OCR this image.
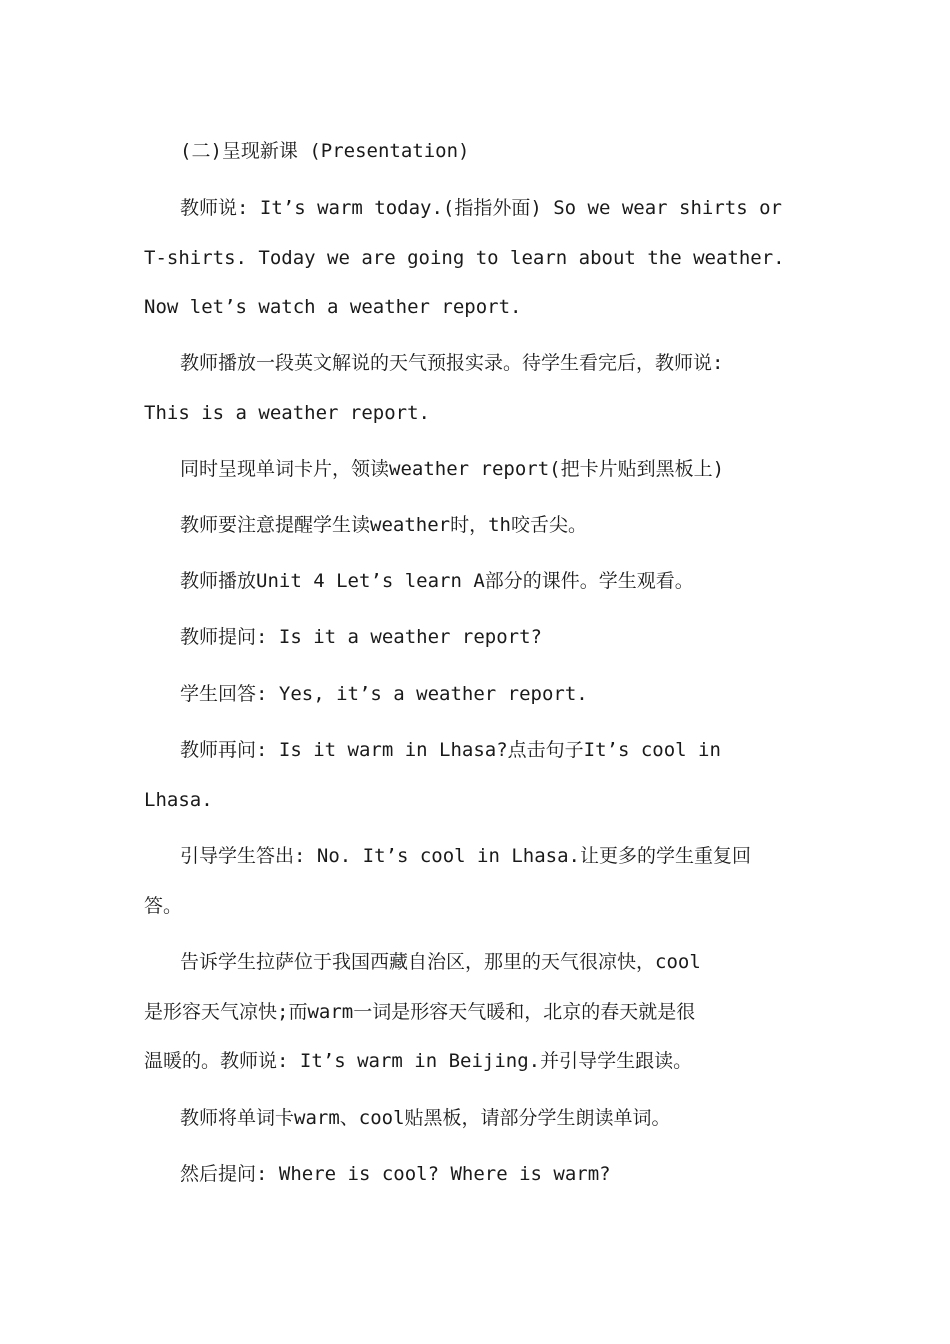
(二)呈现新课 (Presentation)
教师说: It’s warm today.(指指外面) So we wear shirts or
T-shirts. Today we are going to learn about the weather.
Now let’s watch a weather report.
教师播放一段英文解说的天气预报实录。待学生看完后，教师说:
This is a weather report.
同时呈现单词卡片，领读weather report(把卡片贴到黑板上)
教师要注意提醒学生读weather时，th咬舌尖。
教师播放Unit 4 Let’s learn A部分的课件。学生观看。
教师提问: Is it a weather report?
学生回答: Yes, it’s a weather report.
教师再问: Is it warm in Lhasa?点击句子It’s cool in
Lhasa.
引导学生答出: No. It’s cool in Lhasa.让更多的学生重复回
答。
告诉学生拉萨位于我国西藏自治区，那里的天气很凉快，cool
是形容天气凉快;而warm一词是形容天气暖和，北京的春天就是很
温暖的。教师说: It’s warm in Beijing.并引导学生跟读。
教师将单词卡warm、cool贴黑板，请部分学生朗读单词。
然后提问: Where is cool? Where is warm?
